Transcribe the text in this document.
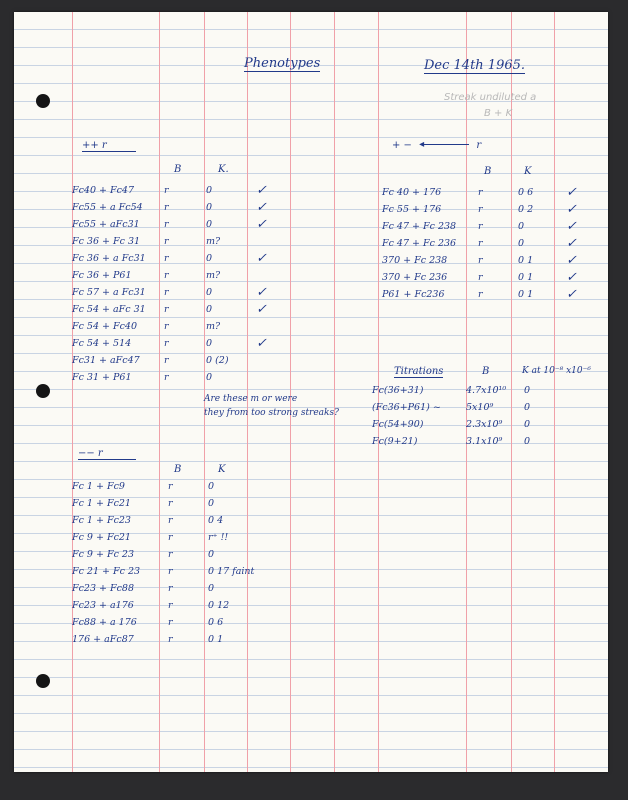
Phenotypes	Dec 14th 1965.
Streak undiluted a
B + K
++ r
B	K.
Fc40 + Fc47	r	0	✓
Fc55 + a Fc54	r	0	✓
Fc55 + aFc31	r	0	✓
Fc 36 + Fc 31	r	m?	
Fc 36 + a Fc31	r	0	✓
Fc 36 + P61	r	m?	
Fc 57 + a Fc31	r	0	✓
Fc 54 + aFc 31	r	0	✓
Fc 54 + Fc40	r	m?	
Fc 54 + 514	r	0	✓
Fc31 + aFc47	r	0 (2)	
Fc 31 + P61	r	0	
Are these m or were
they from too strong streaks?
+ − ◂	r
B	K
Fc 40 + 176	r	0 6	✓
Fc 55 + 176	r	0 2	✓
Fc 47 + Fc 238	r	0	✓
Fc 47 + Fc 236	r	0	✓
370 + Fc 238	r	0 1	✓
370 + Fc 236	r	0 1	✓
P61 + Fc236	r	0 1	✓
Titrations	B	K at 10⁻⁸ x10⁻⁶
Fc(36+31)	4.7x10¹⁰	0
(Fc36+P61) ~	5x10⁹	0
Fc(54+90)	2.3x10⁹	0
Fc(9+21)	3.1x10⁹	0
−− r
B	K
Fc 1 + Fc9	r	0
Fc 1 + Fc21	r	0
Fc 1 + Fc23	r	0 4
Fc 9 + Fc21	r	r⁺ !!
Fc 9 + Fc 23	r	0
Fc 21 + Fc 23	r	0 17 faint
Fc23 + Fc88	r	0
Fc23 + a176	r	0 12
Fc88 + a 176	r	0 6
176 + aFc87	r	0 1
